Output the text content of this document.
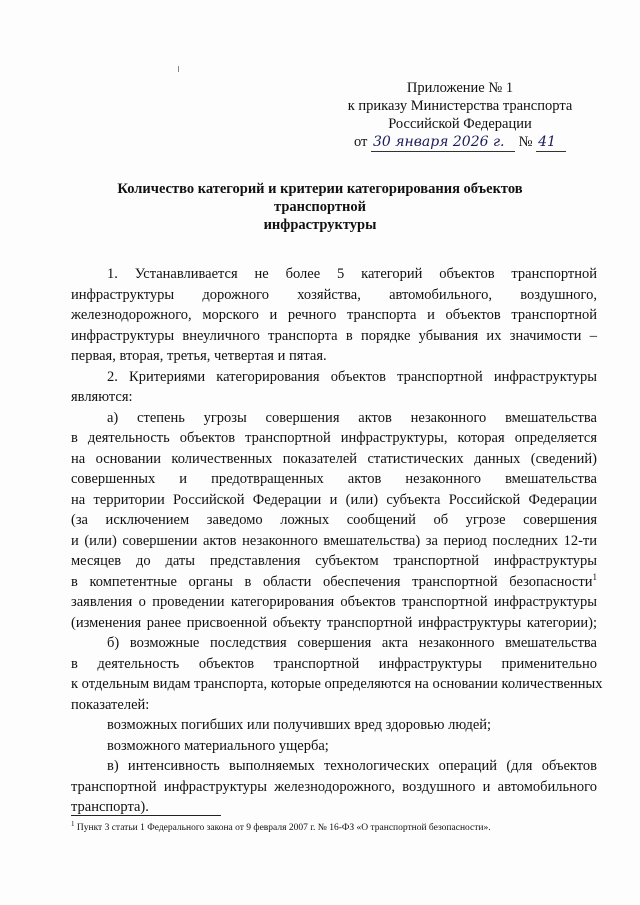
Приложение № 1
к приказу Министерства транспорта
Российской Федерации
от 30 января 2026 г. № 41
Количество категорий и критерии категорирования объектов транспортной
инфраструктуры
1. Устанавливается не более 5 категорий объектов транспортной
инфраструктуры дорожного хозяйства, автомобильного, воздушного,
железнодорожного, морского и речного транспорта и объектов транспортной
инфраструктуры внеуличного транспорта в порядке убывания их значимости –
первая, вторая, третья, четвертая и пятая.
2. Критериями категорирования объектов транспортной инфраструктуры
являются:
а) степень угрозы совершения актов незаконного вмешательства
в деятельность объектов транспортной инфраструктуры, которая определяется
на основании количественных показателей статистических данных (сведений)
совершенных и предотвращенных актов незаконного вмешательства
на территории Российской Федерации и (или) субъекта Российской Федерации
(за исключением заведомо ложных сообщений об угрозе совершения
и (или) совершении актов незаконного вмешательства) за период последних 12-ти
месяцев до даты представления субъектом транспортной инфраструктуры
в компетентные органы в области обеспечения транспортной безопасности$^1$
заявления о проведении категорирования объектов транспортной инфраструктуры
(изменения ранее присвоенной объекту транспортной инфраструктуры категории);
б) возможные последствия совершения акта незаконного вмешательства
в деятельность объектов транспортной инфраструктуры применительно
к отдельным видам транспорта, которые определяются на основании количественных
показателей:
возможных погибших или получивших вред здоровью людей;
возможного материального ущерба;
в) интенсивность выполняемых технологических операций (для объектов
транспортной инфраструктуры железнодорожного, воздушного и автомобильного
транспорта).
$^1$ Пункт 3 статьи 1 Федерального закона от 9 февраля 2007 г. № 16-ФЗ «О транспортной безопасности».
